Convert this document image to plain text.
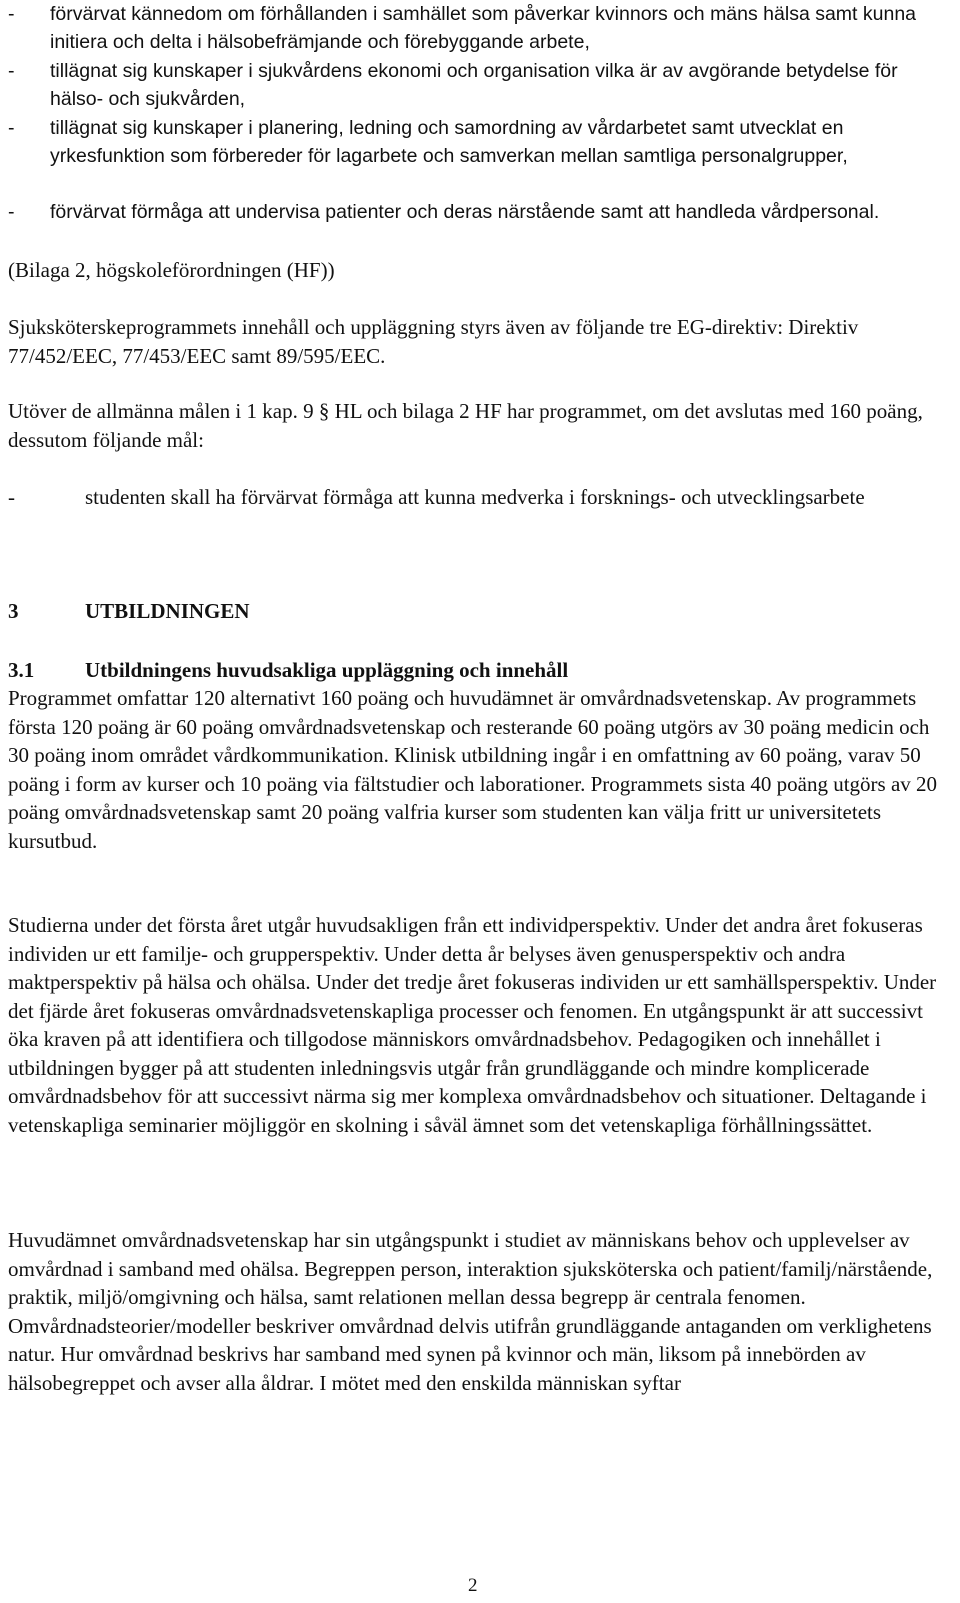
-	förvärvat kännedom om förhållanden i samhället som påverkar kvinnors och mäns hälsa samt kunna initiera och delta i hälsobefrämjande och förebyggande arbete,
-	tillägnat sig kunskaper i sjukvårdens ekonomi och organisation vilka är av avgörande betydelse för hälso- och sjukvården,
-	tillägnat sig kunskaper i planering, ledning och samordning av vårdarbetet samt utvecklat en yrkesfunktion som förbereder för lagarbete och samverkan mellan samtliga personalgrupper,
-	förvärvat förmåga att undervisa patienter och deras närstående samt att handleda vårdpersonal.

(Bilaga 2, högskoleförordningen (HF))

Sjuksköterskeprogrammets innehåll och uppläggning styrs även av följande tre EG-direktiv: Direktiv 77/452/EEC, 77/453/EEC samt 89/595/EEC.

Utöver de allmänna målen i 1 kap. 9 § HL och bilaga 2 HF har programmet, om det avslutas med 160 poäng, dessutom följande mål:

-	studenten skall ha förvärvat förmåga att kunna medverka i forsknings- och utvecklingsarbete
3	UTBILDNINGEN
3.1	Utbildningens huvudsakliga uppläggning och innehåll

Programmet omfattar 120 alternativt 160 poäng och huvudämnet är omvårdnadsvetenskap. Av programmets första 120 poäng är 60 poäng omvårdnadsvetenskap och resterande 60 poäng utgörs av 30 poäng medicin och 30 poäng inom området vårdkommunikation. Klinisk utbildning ingår i en omfattning av 60 poäng, varav 50 poäng i form av kurser och 10 poäng via fältstudier och laborationer. Programmets sista 40 poäng utgörs av 20 poäng omvårdnadsvetenskap samt 20 poäng valfria kurser som studenten kan välja fritt ur universitetets kursutbud.

Studierna under det första året utgår huvudsakligen från ett individperspektiv. Under det andra året fokuseras individen ur ett familje- och grupperspektiv. Under detta år belyses även genusperspektiv och andra maktperspektiv på hälsa och ohälsa. Under det tredje året fokuseras individen ur ett samhällsperspektiv. Under det fjärde året fokuseras omvårdnadsvetenskapliga processer och fenomen. En utgångspunkt är att successivt öka kraven på att identifiera och tillgodose människors omvårdnadsbehov. Pedagogiken och innehållet i utbildningen bygger på att studenten inledningsvis utgår från grundläggande och mindre komplicerade omvårdnadsbehov för att successivt närma sig mer komplexa omvårdnadsbehov och situationer. Deltagande i vetenskapliga seminarier möjliggör en skolning i såväl ämnet som det vetenskapliga förhållningssättet.

Huvudämnet omvårdnadsvetenskap har sin utgångspunkt i studiet av människans behov och upplevelser av omvårdnad i samband med ohälsa. Begreppen person, interaktion sjuksköterska och patient/familj/närstående, praktik, miljö/omgivning och hälsa, samt relationen mellan dessa begrepp är centrala fenomen. Omvårdnadsteorier/modeller beskriver omvårdnad delvis utifrån grundläggande antaganden om verklighetens natur. Hur omvårdnad beskrivs har samband med synen på kvinnor och män, liksom på innebörden av hälsobegreppet och avser alla åldrar. I mötet med den enskilda människan syftar

2
